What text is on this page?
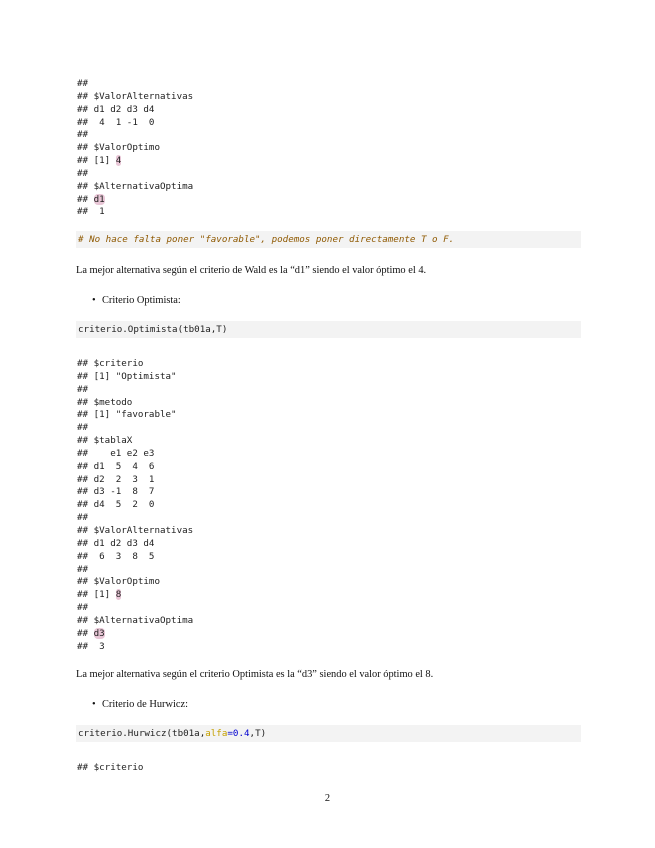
##
## $ValorAlternativas
## d1 d2 d3 d4
##  4  1 -1  0
##
## $ValorOptimo
## [1] 4
##
## $AlternativaOptima
## d1
##  1
# No hace falta poner "favorable", podemos poner directamente T o F.

La mejor alternativa según el criterio de Wald es la “d1” siendo el valor óptimo el 4.

• Criterio Optimista:
criterio.Optimista(tb01a,T)
## $criterio
## [1] "Optimista"
##
## $metodo
## [1] "favorable"
##
## $tablaX
##    e1 e2 e3
## d1  5  4  6
## d2  2  3  1
## d3 -1  8  7
## d4  5  2  0
##
## $ValorAlternativas
## d1 d2 d3 d4
##  6  3  8  5
##
## $ValorOptimo
## [1] 8
##
## $AlternativaOptima
## d3
##  3

La mejor alternativa según el criterio Optimista es la “d3” siendo el valor óptimo el 8.

• Criterio de Hurwicz:
criterio.Hurwicz(tb01a,alfa=0.4,T)
## $criterio
2
